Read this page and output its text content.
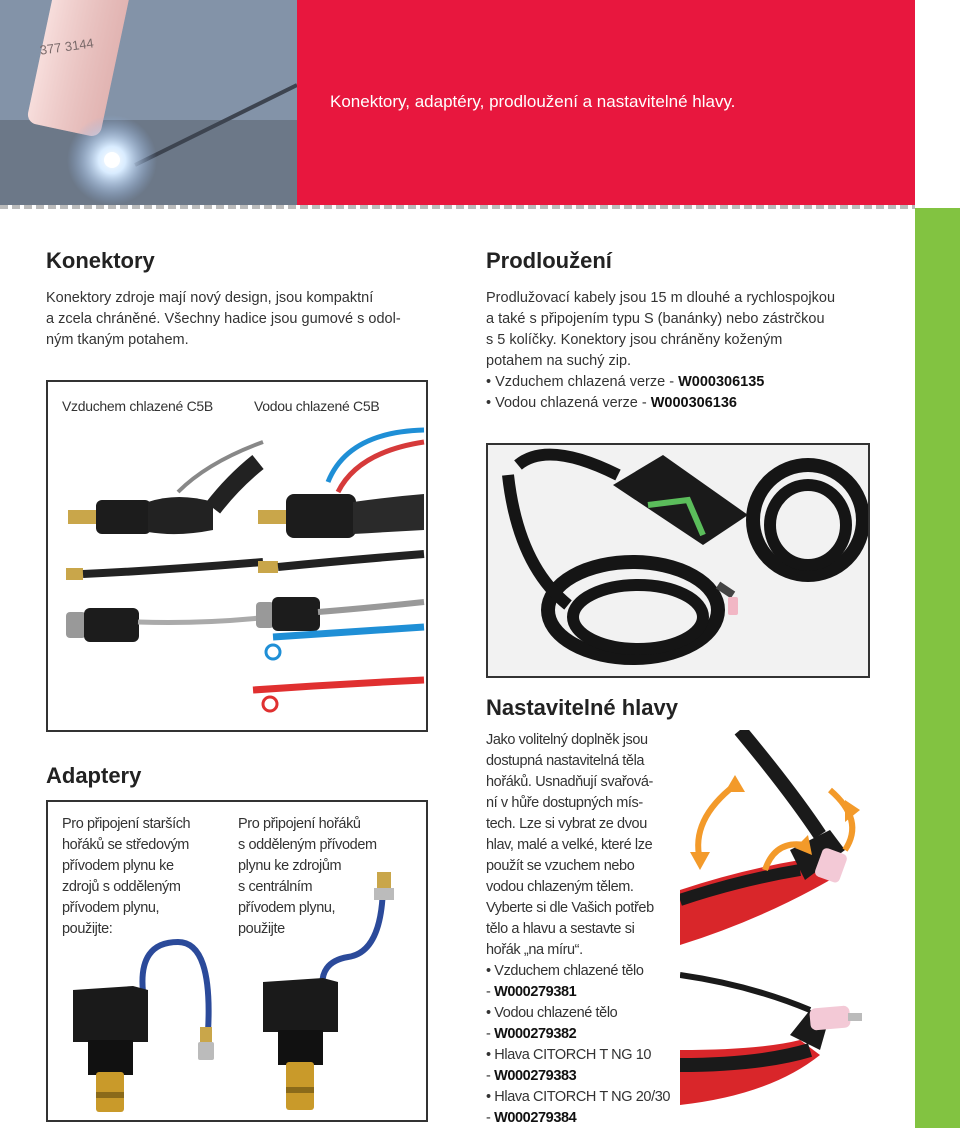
377 3144
Konektory, adaptéry, prodloužení a nastavitelné hlavy.
Konektory
Konektory zdroje mají nový design, jsou kompaktní
a zcela chráněné. Všechny hadice jsou gumové s odol-
ným tkaným potahem.
Vzduchem chlazené C5B	Vodou chlazené C5B
Prodloužení
Prodlužovací kabely jsou 15 m dlouhé a rychlospojkou
a také s připojením typu S (banánky) nebo zástrčkou
s 5 kolíčky. Konektory jsou chráněny koženým
potahem na suchý zip.
• Vzduchem chlazená verze - W000306135
• Vodou chlazená verze - W000306136
Adaptery
Pro připojení starších
hořáků se středovým
přívodem plynu ke
zdrojů s odděleným
přívodem plynu,
použijte:
Pro připojení hořáků
s odděleným přívodem
plynu ke zdrojům
s centrálním
přívodem plynu,
použijte
Nastavitelné hlavy
Jako volitelný doplněk jsou
dostupná nastavitelná těla
hořáků. Usnadňují svařová-
ní v hůře dostupných mís-
tech. Lze si vybrat ze dvou
hlav, malé a velké, které lze
použít se vzuchem nebo
vodou chlazeným tělem.
Vyberte si dle Vašich potřeb
tělo a hlavu a sestavte si
hořák „na míru“.
• Vzduchem chlazené tělo
- W000279381
• Vodou chlazené tělo
- W000279382
• Hlava CITORCH T NG 10
- W000279383
• Hlava CITORCH T NG 20/30
- W000279384
